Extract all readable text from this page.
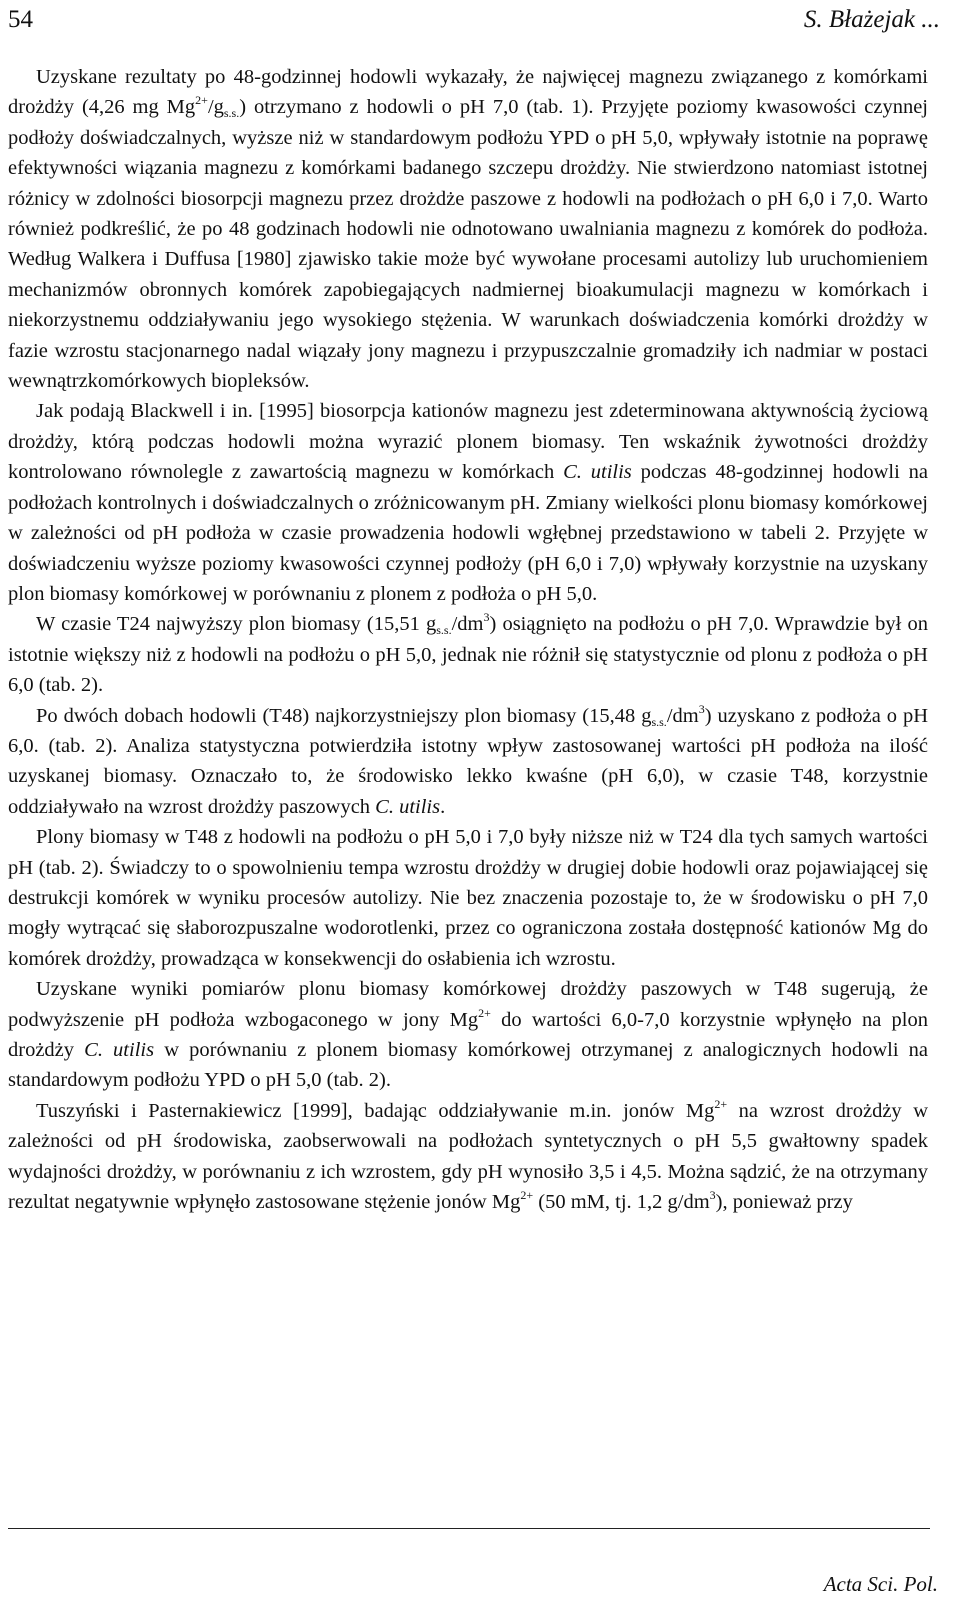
54	S. Błażejak ...

Uzyskane rezultaty po 48-godzinnej hodowli wykazały, że najwięcej magnezu związanego z komórkami drożdży (4,26 mg $Mg^{2+}/g_{s.s.}$) otrzymano z hodowli o pH 7,0 (tab. 1). Przyjęte poziomy kwasowości czynnej podłoży doświadczalnych, wyższe niż w standardowym podłożu YPD o pH 5,0, wpływały istotnie na poprawę efektywności wiązania magnezu z komórkami badanego szczepu drożdży. Nie stwierdzono natomiast istotnej różnicy w zdolności biosorpcji magnezu przez drożdże paszowe z hodowli na podłożach o pH 6,0 i 7,0. Warto również podkreślić, że po 48 godzinach hodowli nie odnotowano uwalniania magnezu z komórek do podłoża. Według Walkera i Duffusa [1980] zjawisko takie może być wywołane procesami autolizy lub uruchomieniem mechanizmów obronnych komórek zapobiegających nadmiernej bioakumulacji magnezu w komórkach i niekorzystnemu oddziaływaniu jego wysokiego stężenia. W warunkach doświadczenia komórki drożdży w fazie wzrostu stacjonarnego nadal wiązały jony magnezu i przypuszczalnie gromadziły ich nadmiar w postaci wewnątrzkomórkowych biopleksów.

Jak podają Blackwell i in. [1995] biosorpcja kationów magnezu jest zdeterminowana aktywnością życiową drożdży, którą podczas hodowli można wyrazić plonem biomasy. Ten wskaźnik żywotności drożdży kontrolowano równolegle z zawartością magnezu w komórkach C. utilis podczas 48-godzinnej hodowli na podłożach kontrolnych i doświadczalnych o zróżnicowanym pH. Zmiany wielkości plonu biomasy komórkowej w zależności od pH podłoża w czasie prowadzenia hodowli wgłębnej przedstawiono w tabeli 2. Przyjęte w doświadczeniu wyższe poziomy kwasowości czynnej podłoży (pH 6,0 i 7,0) wpływały korzystnie na uzyskany plon biomasy komórkowej w porównaniu z plonem z podłoża o pH 5,0.

W czasie T24 najwyższy plon biomasy (15,51 $g_{s.s.}/dm^3$) osiągnięto na podłożu o pH 7,0. Wprawdzie był on istotnie większy niż z hodowli na podłożu o pH 5,0, jednak nie różnił się statystycznie od plonu z podłoża o pH 6,0 (tab. 2).

Po dwóch dobach hodowli (T48) najkorzystniejszy plon biomasy (15,48 $g_{s.s.}/dm^3$) uzyskano z podłoża o pH 6,0. (tab. 2). Analiza statystyczna potwierdziła istotny wpływ zastosowanej wartości pH podłoża na ilość uzyskanej biomasy. Oznaczało to, że środowisko lekko kwaśne (pH 6,0), w czasie T48, korzystnie oddziaływało na wzrost drożdży paszowych C. utilis.

Plony biomasy w T48 z hodowli na podłożu o pH 5,0 i 7,0 były niższe niż w T24 dla tych samych wartości pH (tab. 2). Świadczy to o spowolnieniu tempa wzrostu drożdży w drugiej dobie hodowli oraz pojawiającej się destrukcji komórek w wyniku procesów autolizy. Nie bez znaczenia pozostaje to, że w środowisku o pH 7,0 mogły wytrącać się słaborozpuszalne wodorotlenki, przez co ograniczona została dostępność kationów Mg do komórek drożdży, prowadząca w konsekwencji do osłabienia ich wzrostu.

Uzyskane wyniki pomiarów plonu biomasy komórkowej drożdży paszowych w T48 sugerują, że podwyższenie pH podłoża wzbogaconego w jony $Mg^{2+}$ do wartości 6,0-7,0 korzystnie wpłynęło na plon drożdży C. utilis w porównaniu z plonem biomasy komórkowej otrzymanej z analogicznych hodowli na standardowym podłożu YPD o pH 5,0 (tab. 2).

Tuszyński i Pasternakiewicz [1999], badając oddziaływanie m.in. jonów $Mg^{2+}$ na wzrost drożdży w zależności od pH środowiska, zaobserwowali na podłożach syntetycznych o pH 5,5 gwałtowny spadek wydajności drożdży, w porównaniu z ich wzrostem, gdy pH wynosiło 3,5 i 4,5. Można sądzić, że na otrzymany rezultat negatywnie wpłynęło zastosowane stężenie jonów $Mg^{2+}$ (50 mM, tj. 1,2 $g/dm^3$), ponieważ przy

Acta Sci. Pol.
